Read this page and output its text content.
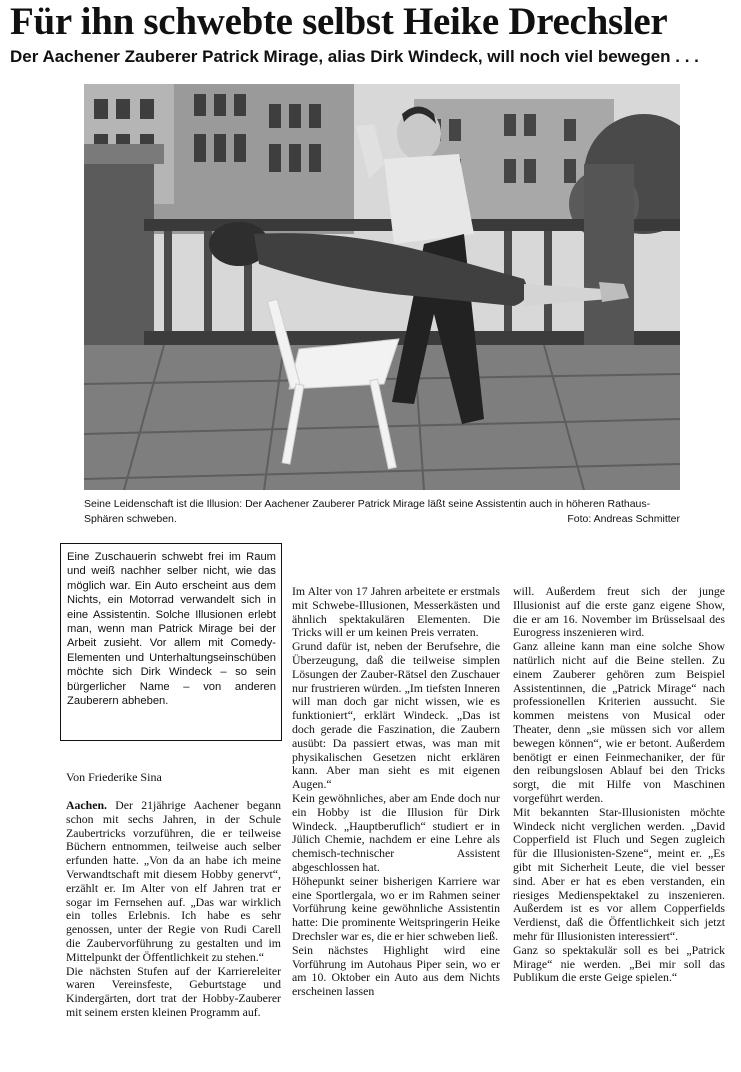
Für ihn schwebte selbst Heike Drechsler
Der Aachener Zauberer Patrick Mirage, alias Dirk Windeck, will noch viel bewegen . . .
Seine Leidenschaft ist die Illusion: Der Aachener Zauberer Patrick Mirage läßt seine Assistentin auch in höheren Rathaus-Sphären schweben.	Foto: Andreas Schmitter
Eine Zuschauerin schwebt frei im Raum und weiß nachher selber nicht, wie das möglich war. Ein Auto erscheint aus dem Nichts, ein Motorrad verwandelt sich in eine Assistentin. Solche Illusionen erlebt man, wenn man Patrick Mirage bei der Arbeit zusieht. Vor allem mit Comedy-Elementen und Unterhaltungseinschüben möchte sich Dirk Windeck – so sein bürgerlicher Name – von anderen Zauberern abheben.
Von Friederike Sina

Aachen. Der 21jährige Aachener begann schon mit sechs Jahren, in der Schule Zaubertricks vorzuführen, die er teilweise Büchern entnommen, teilweise auch selber erfunden hatte. „Von da an habe ich meine Verwandtschaft mit diesem Hobby genervt“, erzählt er. Im Alter von elf Jahren trat er sogar im Fernsehen auf. „Das war wirklich ein tolles Erlebnis. Ich habe es sehr genossen, unter der Regie von Rudi Carell die Zaubervorführung zu gestalten und im Mittelpunkt der Öffentlichkeit zu stehen.“

Die nächsten Stufen auf der Karriereleiter waren Vereinsfeste, Geburtstage und Kindergärten, dort trat der Hobby-Zauberer mit seinem ersten kleinen Programm auf.

Im Alter von 17 Jahren arbeitete er erstmals mit Schwebe-Illusionen, Messerkästen und ähnlich spektakulären Elementen. Die Tricks will er um keinen Preis verraten.

Grund dafür ist, neben der Berufsehre, die Überzeugung, daß die teilweise simplen Lösungen der Zauber-Rätsel den Zuschauer nur frustrieren würden. „Im tiefsten Inneren will man doch gar nicht wissen, wie es funktioniert“, erklärt Windeck. „Das ist doch gerade die Faszination, die Zaubern ausübt: Da passiert etwas, was man mit physikalischen Gesetzen nicht erklären kann. Aber man sieht es mit eigenen Augen.“

Kein gewöhnliches, aber am Ende doch nur ein Hobby ist die Illusion für Dirk Windeck. „Hauptberuflich“ studiert er in Jülich Chemie, nachdem er eine Lehre als chemisch-technischer Assistent abgeschlossen hat.

Höhepunkt seiner bisherigen Karriere war eine Sportlergala, wo er im Rahmen seiner Vorführung keine gewöhnliche Assistentin hatte: Die prominente Weitspringerin Heike Drechsler war es, die er hier schweben ließ.

Sein nächstes Highlight wird eine Vorführung im Autohaus Piper sein, wo er am 10. Oktober ein Auto aus dem Nichts erscheinen lassen

will. Außerdem freut sich der junge Illusionist auf die erste ganz eigene Show, die er am 16. November im Brüsselsaal des Eurogress inszenieren wird.

Ganz alleine kann man eine solche Show natürlich nicht auf die Beine stellen. Zu einem Zauberer gehören zum Beispiel Assistentinnen, die „Patrick Mirage“ nach professionellen Kriterien aussucht. Sie kommen meistens von Musical oder Theater, denn „sie müssen sich vor allem bewegen können“, wie er betont. Außerdem benötigt er einen Feinmechaniker, der für den reibungslosen Ablauf bei den Tricks sorgt, die mit Hilfe von Maschinen vorgeführt werden.

Mit bekannten Star-Illusionisten möchte Windeck nicht verglichen werden. „David Copperfield ist Fluch und Segen zugleich für die Illusionisten-Szene“, meint er. „Es gibt mit Sicherheit Leute, die viel besser sind. Aber er hat es eben verstanden, ein riesiges Medienspektakel zu inszenieren. Außerdem ist es vor allem Copperfields Verdienst, daß die Öffentlichkeit sich jetzt mehr für Illusionisten interessiert“.

Ganz so spektakulär soll es bei „Patrick Mirage“ nie werden. „Bei mir soll das Publikum die erste Geige spielen.“
